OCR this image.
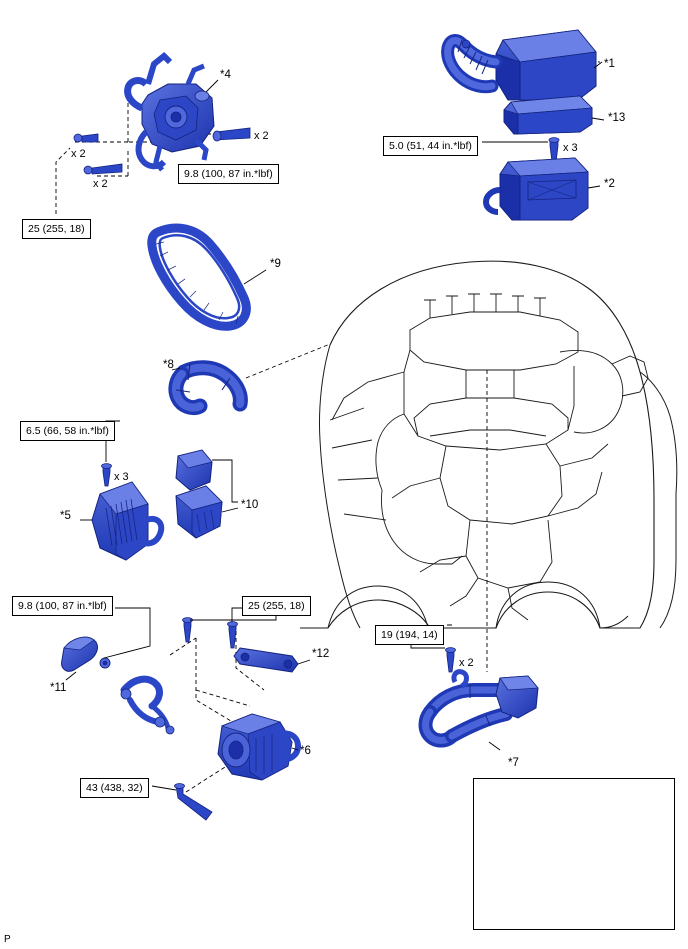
*1
*13
*2
*4
*9
*8
*10
*5
*11
*12
*6
*7
x 3
x 2
x 2
x 2
x 3
x 2
5.0 (51, 44 in.*lbf)
9.8 (100, 87 in.*lbf)
25 (255, 18)
6.5 (66, 58 in.*lbf)
9.8 (100, 87 in.*lbf)	25 (255, 18)
19 (194, 14)
43 (438, 32)
P
